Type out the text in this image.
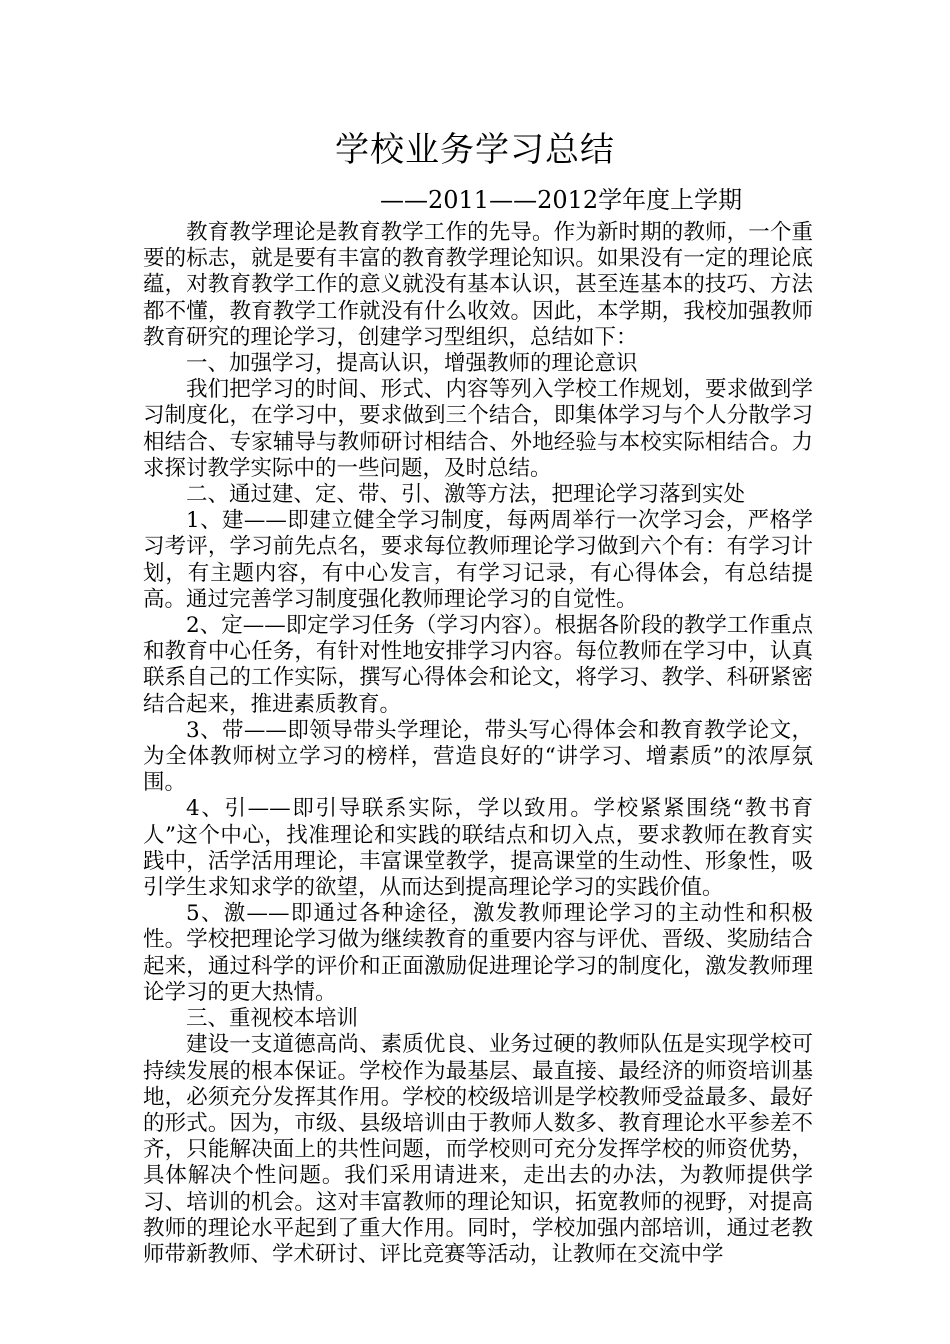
学校业务学习总结
——2011——2012学年度上学期

教育教学理论是教育教学工作的先导。作为新时期的教师，一个重要的标志，就是要有丰富的教育教学理论知识。如果没有一定的理论底蕴，对教育教学工作的意义就没有基本认识，甚至连基本的技巧、方法都不懂，教育教学工作就没有什么收效。因此，本学期，我校加强教师教育研究的理论学习，创建学习型组织，总结如下：

一、加强学习，提高认识，增强教师的理论意识

我们把学习的时间、形式、内容等列入学校工作规划，要求做到学习制度化，在学习中，要求做到三个结合，即集体学习与个人分散学习相结合、专家辅导与教师研讨相结合、外地经验与本校实际相结合。力求探讨教学实际中的一些问题，及时总结。

二、通过建、定、带、引、激等方法，把理论学习落到实处

1、建——即建立健全学习制度，每两周举行一次学习会，严格学习考评，学习前先点名，要求每位教师理论学习做到六个有：有学习计划，有主题内容，有中心发言，有学习记录，有心得体会，有总结提高。通过完善学习制度强化教师理论学习的自觉性。

2、定——即定学习任务（学习内容）。根据各阶段的教学工作重点和教育中心任务，有针对性地安排学习内容。每位教师在学习中，认真联系自己的工作实际，撰写心得体会和论文，将学习、教学、科研紧密结合起来，推进素质教育。

3、带——即领导带头学理论，带头写心得体会和教育教学论文，为全体教师树立学习的榜样，营造良好的“讲学习、增素质”的浓厚氛围。

4、引——即引导联系实际，学以致用。学校紧紧围绕“教书育人”这个中心，找准理论和实践的联结点和切入点，要求教师在教育实践中，活学活用理论，丰富课堂教学，提高课堂的生动性、形象性，吸引学生求知求学的欲望，从而达到提高理论学习的实践价值。

5、激——即通过各种途径，激发教师理论学习的主动性和积极性。学校把理论学习做为继续教育的重要内容与评优、晋级、奖励结合起来，通过科学的评价和正面激励促进理论学习的制度化，激发教师理论学习的更大热情。

三、重视校本培训

建设一支道德高尚、素质优良、业务过硬的教师队伍是实现学校可持续发展的根本保证。学校作为最基层、最直接、最经济的师资培训基地，必须充分发挥其作用。学校的校级培训是学校教师受益最多、最好的形式。因为，市级、县级培训由于教师人数多、教育理论水平参差不齐，只能解决面上的共性问题，而学校则可充分发挥学校的师资优势，具体解决个性问题。我们采用请进来，走出去的办法，为教师提供学习、培训的机会。这对丰富教师的理论知识，拓宽教师的视野，对提高教师的理论水平起到了重大作用。同时，学校加强内部培训，通过老教师带新教师、学术研讨、评比竞赛等活动，让教师在交流中学
